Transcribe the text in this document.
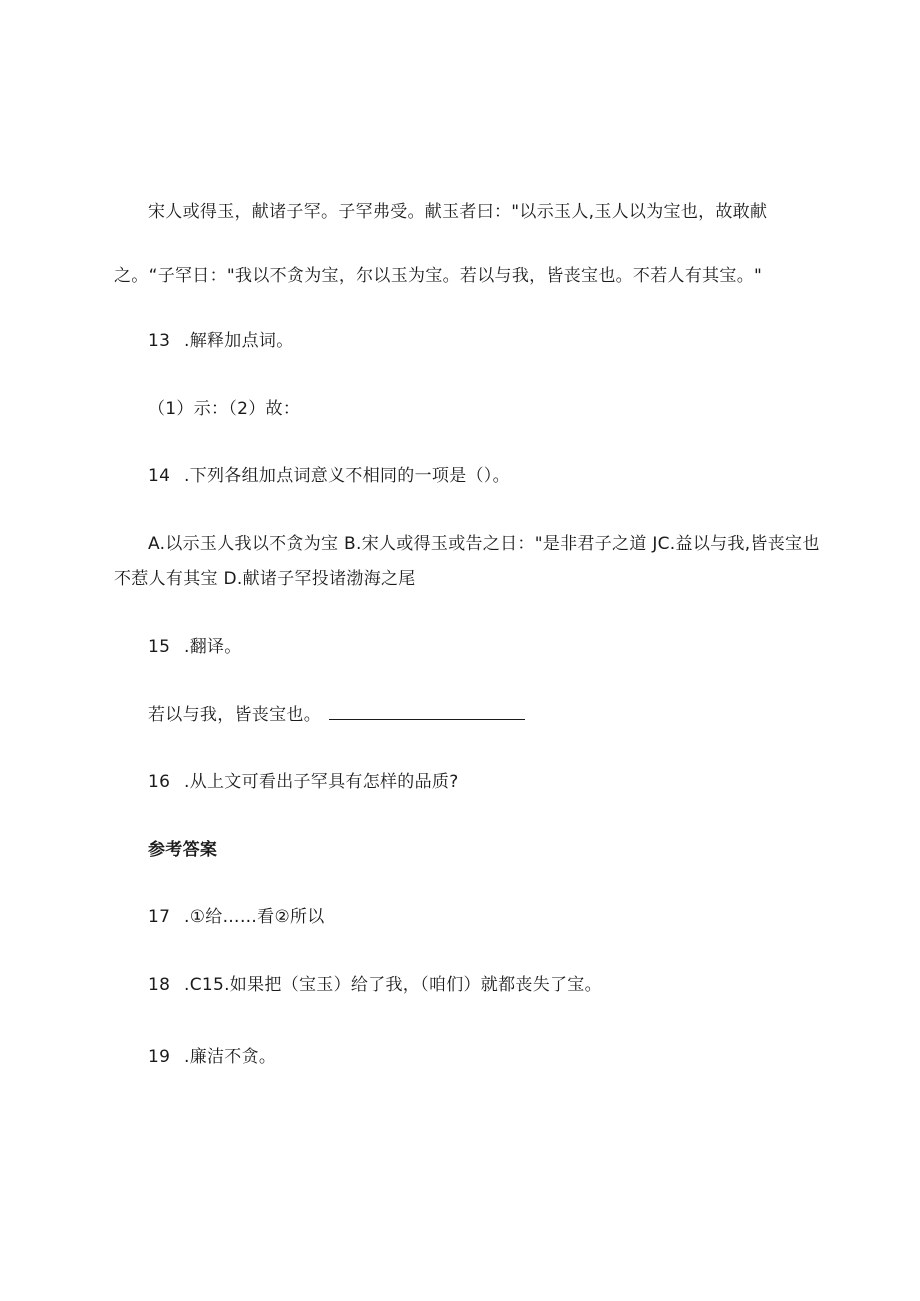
宋人或得玉，献诸子罕。子罕弗受。献玉者曰："以示玉人,玉人以为宝也，故敢献
之。“子罕日："我以不贪为宝，尔以玉为宝。若以与我，皆丧宝也。不若人有其宝。"
13 .解释加点词。
（1）示：（2）故：
14 .下列各组加点词意义不相同的一项是（）。
A.以示玉人我以不贪为宝 B.宋人或得玉或告之日："是非君子之道 JC.益以与我,皆丧宝也
不惹人有其宝 D.献诸子罕投诸渤海之尾
15 .翻译。
若以与我，皆丧宝也。
16 .从上文可看出子罕具有怎样的品质?
参考答案
17 .①给……看②所以
18 .C15.如果把（宝玉）给了我，（咱们）就都丧失了宝。
19 .廉洁不贪。
